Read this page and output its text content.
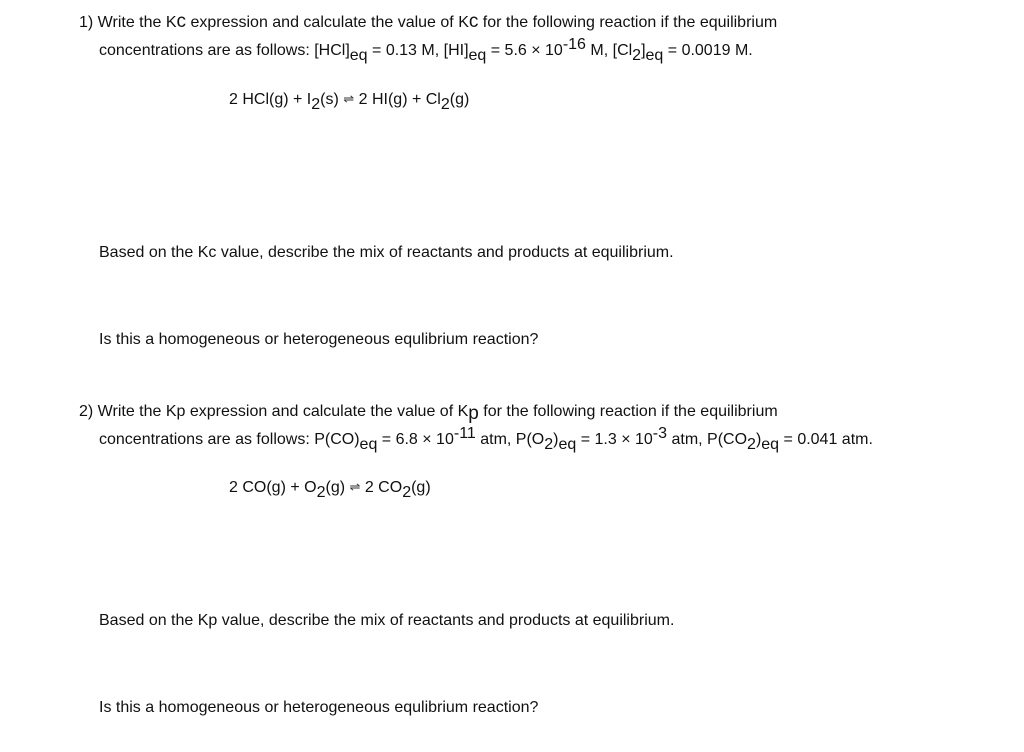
1) Write the Kc expression and calculate the value of Kc for the following reaction if the equilibrium
concentrations are as follows: [HCl]eq = 0.13 M, [HI]eq = 5.6 × 10-16 M, [Cl2]eq = 0.0019 M.
2 HCl(g) + I2(s) ⇌ 2 HI(g) + Cl2(g)
Based on the Kc value, describe the mix of reactants and products at equilibrium.
Is this a homogeneous or heterogeneous equlibrium reaction?
2) Write the Kp expression and calculate the value of Kp for the following reaction if the equilibrium
concentrations are as follows: P(CO)eq = 6.8 × 10-11 atm, P(O2)eq = 1.3 × 10-3 atm, P(CO2)eq = 0.041 atm.
2 CO(g) + O2(g) ⇌ 2 CO2(g)
Based on the Kp value, describe the mix of reactants and products at equilibrium.
Is this a homogeneous or heterogeneous equlibrium reaction?
